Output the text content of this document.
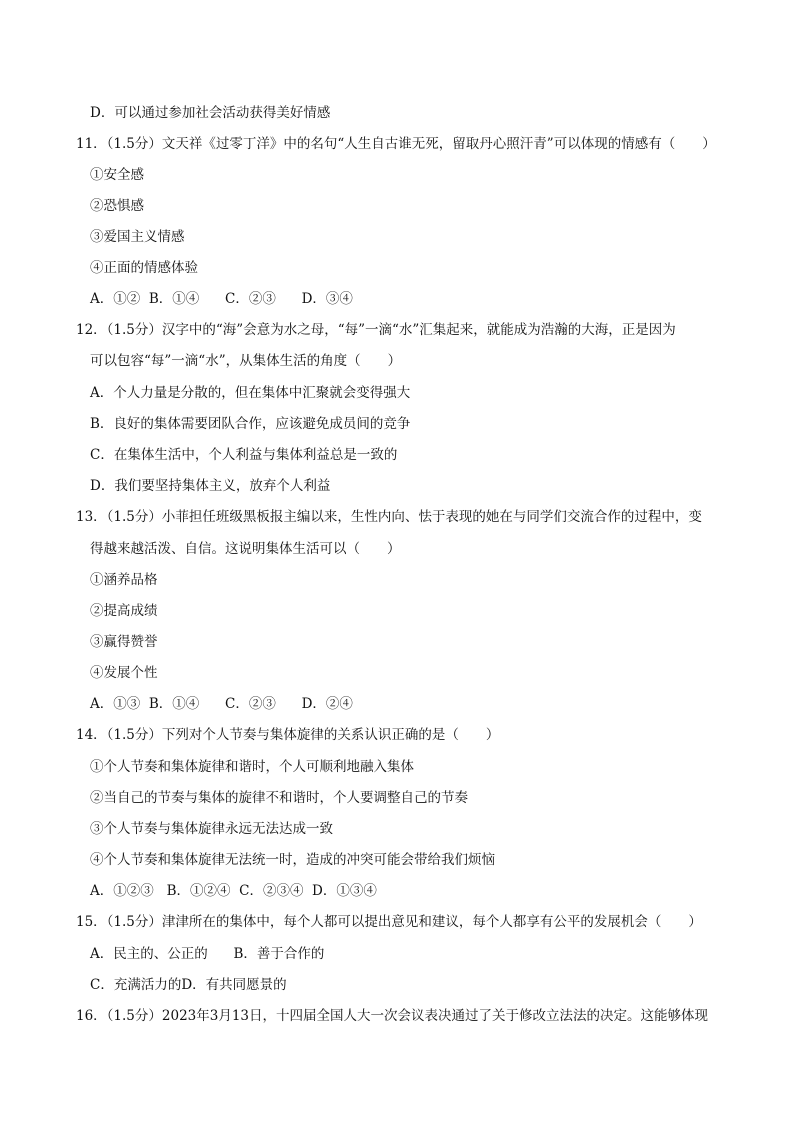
D．可以通过参加社会活动获得美好情感
11．（1.5分）文天祥《过零丁洋》中的名句“人生自古谁无死，留取丹心照汗青”可以体现的情感有（　　）
①安全感
②恐惧感
③爱国主义情感
④正面的情感体验
A．①②  B．①④      C．②③      D．③④
12．（1.5分）汉字中的“海”会意为水之母，“每”一滴“水”汇集起来，就能成为浩瀚的大海，正是因为
可以包容“每”一滴“水”，从集体生活的角度（　　）
A．个人力量是分散的，但在集体中汇聚就会变得强大
B．良好的集体需要团队合作，应该避免成员间的竞争
C．在集体生活中，个人利益与集体利益总是一致的
D．我们要坚持集体主义，放弃个人利益
13．（1.5分）小菲担任班级黑板报主编以来，生性内向、怯于表现的她在与同学们交流合作的过程中，变
得越来越活泼、自信。这说明集体生活可以（　　）
①涵养品格
②提高成绩
③赢得赞誉
④发展个性
A．①③  B．①④      C．②③      D．②④
14．（1.5分）下列对个人节奏与集体旋律的关系认识正确的是（　　）
①个人节奏和集体旋律和谐时，个人可顺利地融入集体
②当自己的节奏与集体的旋律不和谐时，个人要调整自己的节奏
③个人节奏与集体旋律永远无法达成一致
④个人节奏和集体旋律无法统一时，造成的冲突可能会带给我们烦恼
A．①②③   B．①②④  C．②③④  D．①③④
15．（1.5分）津津所在的集体中，每个人都可以提出意见和建议，每个人都享有公平的发展机会（　　）
A．民主的、公正的      B．善于合作的
C．充满活力的D．有共同愿景的
16．（1.5分）2023年3月13日，十四届全国人大一次会议表决通过了关于修改立法法的决定。这能够体现
